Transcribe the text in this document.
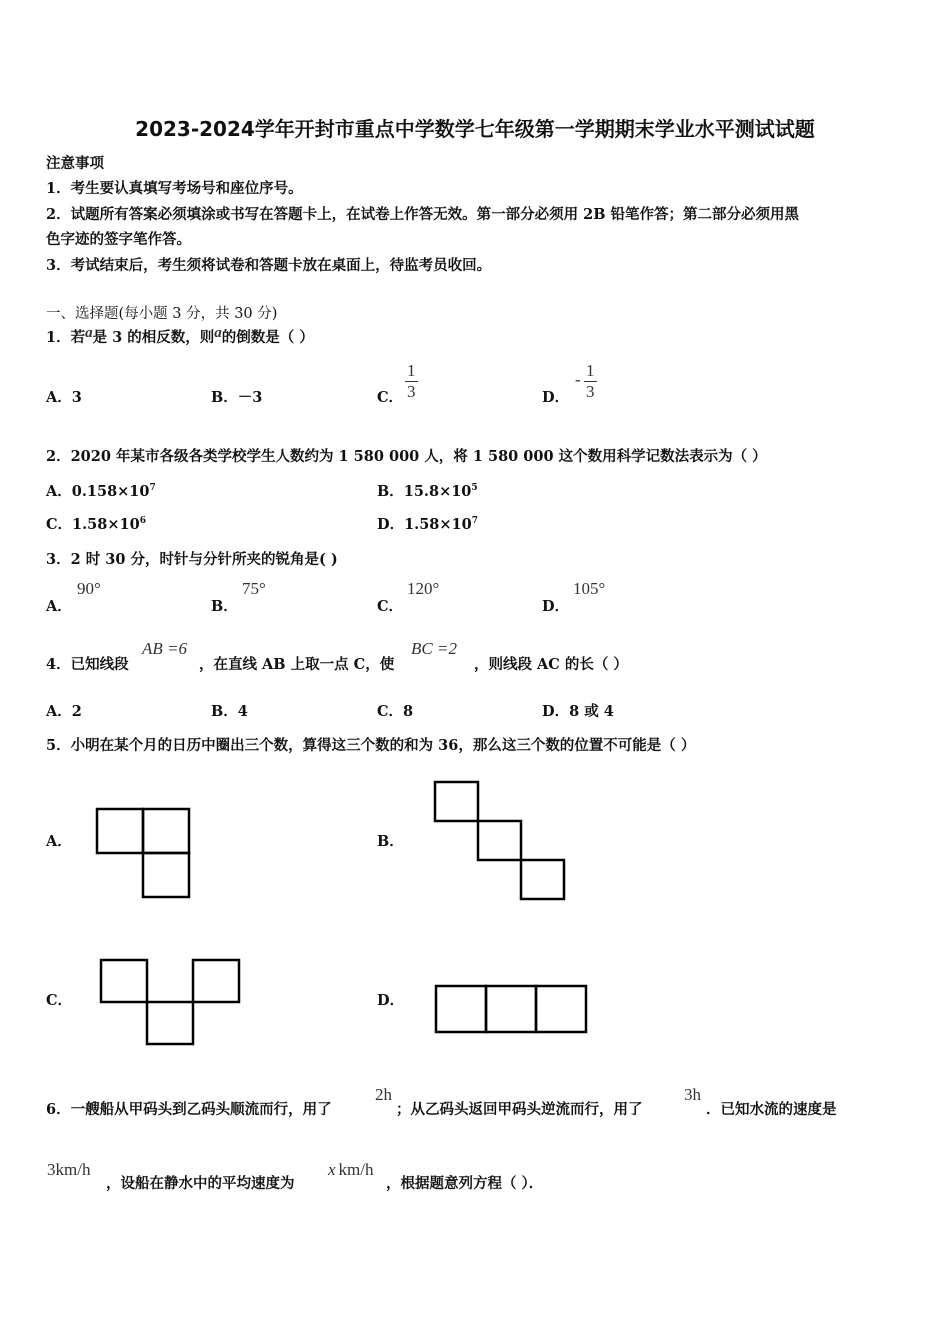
2023-2024学年开封市重点中学数学七年级第一学期期末学业水平测试试题
注意事项
1．考生要认真填写考场号和座位序号。
2．试题所有答案必须填涂或书写在答题卡上，在试卷上作答无效。第一部分必须用 2B 铅笔作答；第二部分必须用黑
色字迹的签字笔作答。
3．考试结束后，考生须将试卷和答题卡放在桌面上，待监考员收回。
一、选择题(每小题 3 分，共 30 分)
1．若a是 3 的相反数，则a的倒数是（ ）
A．3	B．－3	C． $\frac{1}{3}$	D．
- $\frac{1}{3}$
2．2020 年某市各级各类学校学生人数约为 1 580 000 人，将 1 580 000 这个数用科学记数法表示为（ ）
A．$0.158\times 10^7$	B．$15.8\times 10^5$
C．$1.58\times 10^6$	D．$1.58\times 10^7$
3．2 时 30 分，时针与分针所夹的锐角是( )
A．
90°
B．
75°
C．
120°
D．
105°
4．已知线段
AB =6
，在直线 AB 上取一点 C，使
BC =2
，则线段 AC 的长（ ）
A．2	B．4	C．8	D．8 或 4
5．小明在某个月的日历中圈出三个数，算得这三个数的和为 36，那么这三个数的位置不可能是（ ）
A．	B．
C．	D．
6．一艘船从甲码头到乙码头顺流而行，用了
2h
；从乙码头返回甲码头逆流而行，用了
3h
．已知水流的速度是
3km/h
，设船在静水中的平均速度为
x km/h
，根据题意列方程（ ）．
